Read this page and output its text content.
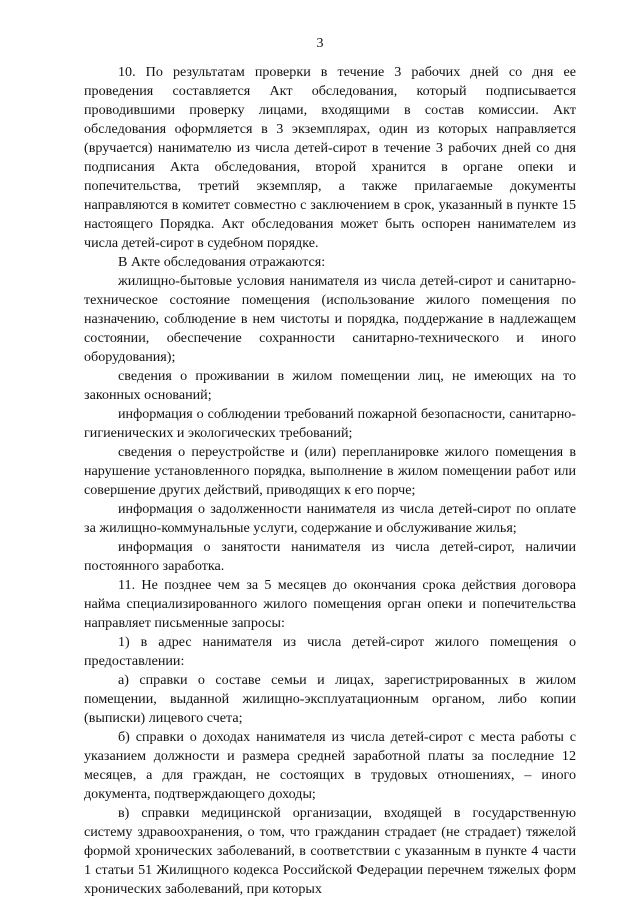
3

10. По результатам проверки в течение 3 рабочих дней со дня ее проведения составляется Акт обследования, который подписывается проводившими проверку лицами, входящими в состав комиссии. Акт обследования оформляется в 3 экземплярах, один из которых направляется (вручается) нанимателю из числа детей-сирот в течение 3 рабочих дней со дня подписания Акта обследования, второй хранится в органе опеки и попечительства, третий экземпляр, а также прилагаемые документы направляются в комитет совместно с заключением в срок, указанный в пункте 15 настоящего Порядка. Акт обследования может быть оспорен нанимателем из числа детей-сирот в судебном порядке.

В Акте обследования отражаются:

жилищно-бытовые условия нанимателя из числа детей-сирот и санитарно-техническое состояние помещения (использование жилого помещения по назначению, соблюдение в нем чистоты и порядка, поддержание в надлежащем состоянии, обеспечение сохранности санитарно-технического и иного оборудования);

сведения о проживании в жилом помещении лиц, не имеющих на то законных оснований;

информация о соблюдении требований пожарной безопасности, санитарно-гигиенических и экологических требований;

сведения о переустройстве и (или) перепланировке жилого помещения в нарушение установленного порядка, выполнение в жилом помещении работ или совершение других действий, приводящих к его порче;

информация о задолженности нанимателя из числа детей-сирот по оплате за жилищно-коммунальные услуги, содержание и обслуживание жилья;

информация о занятости нанимателя из числа детей-сирот, наличии постоянного заработка.

11. Не позднее чем за 5 месяцев до окончания срока действия договора найма специализированного жилого помещения орган опеки и попечительства направляет письменные запросы:

1) в адрес нанимателя из числа детей-сирот жилого помещения о предоставлении:

а) справки о составе семьи и лицах, зарегистрированных в жилом помещении, выданной жилищно-эксплуатационным органом, либо копии (выписки) лицевого счета;

б) справки о доходах нанимателя из числа детей-сирот с места работы с указанием должности и размера средней заработной платы за последние 12 месяцев, а для граждан, не состоящих в трудовых отношениях, – иного документа, подтверждающего доходы;

в) справки медицинской организации, входящей в государственную систему здравоохранения, о том, что гражданин страдает (не страдает) тяжелой формой хронических заболеваний, в соответствии с указанным в пункте 4 части 1 статьи 51 Жилищного кодекса Российской Федерации перечнем тяжелых форм хронических заболеваний, при которых
